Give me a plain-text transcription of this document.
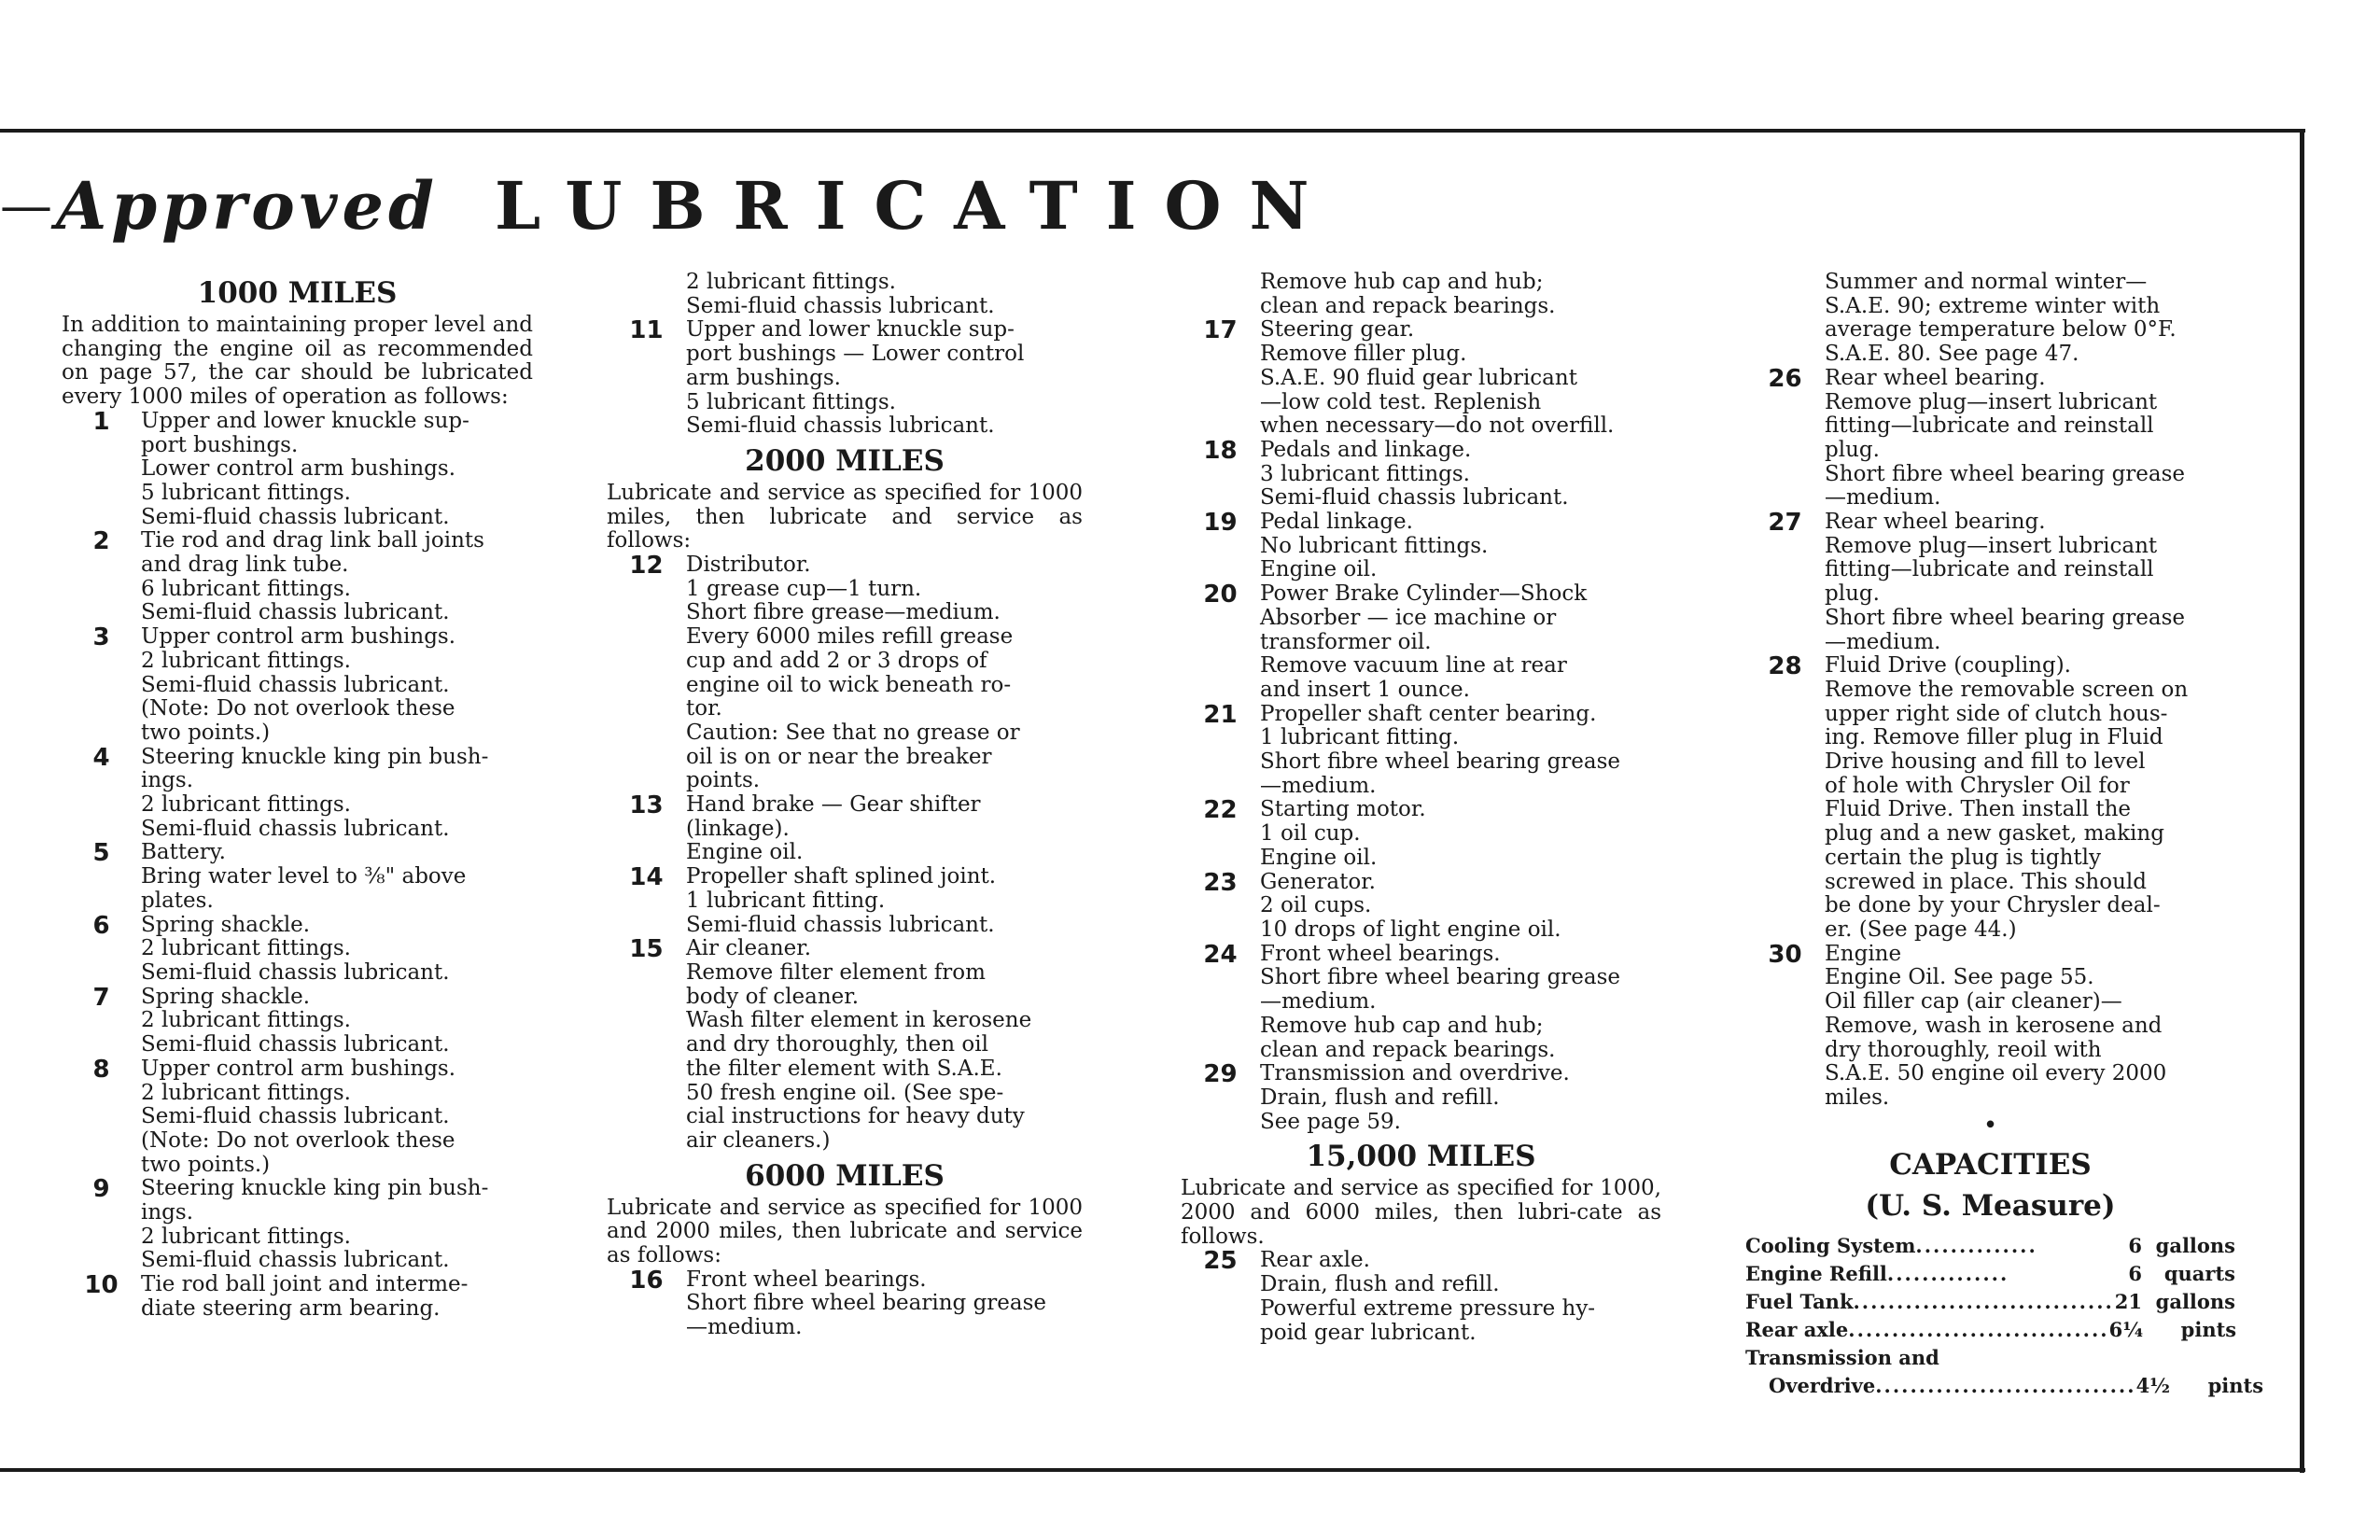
— Approved LUBRICATION
1000 MILES
In addition to maintaining proper level and changing the engine oil as recommended on page 57, the car should be lubricated every 1000 miles of operation as follows:
1	Upper and lower knuckle sup-
port bushings.
Lower control arm bushings.
5 lubricant fittings.
Semi-fluid chassis lubricant.
2	Tie rod and drag link ball joints
and drag link tube.
6 lubricant fittings.
Semi-fluid chassis lubricant.
3	Upper control arm bushings.
2 lubricant fittings.
Semi-fluid chassis lubricant.
(Note: Do not overlook these
two points.)
4	Steering knuckle king pin bush-
ings.
2 lubricant fittings.
Semi-fluid chassis lubricant.
5	Battery.
Bring water level to ⅜" above
plates.
6	Spring shackle.
2 lubricant fittings.
Semi-fluid chassis lubricant.
7	Spring shackle.
2 lubricant fittings.
Semi-fluid chassis lubricant.
8	Upper control arm bushings.
2 lubricant fittings.
Semi-fluid chassis lubricant.
(Note: Do not overlook these
two points.)
9	Steering knuckle king pin bush-
ings.
2 lubricant fittings.
Semi-fluid chassis lubricant.
10	Tie rod ball joint and interme-
diate steering arm bearing.
2 lubricant fittings.
Semi-fluid chassis lubricant.
11	Upper and lower knuckle sup-
port bushings — Lower control
arm bushings.
5 lubricant fittings.
Semi-fluid chassis lubricant.
2000 MILES
Lubricate and service as specified for 1000 miles, then lubricate and service as follows:
12	Distributor.
1 grease cup—1 turn.
Short fibre grease—medium.
Every 6000 miles refill grease
cup and add 2 or 3 drops of
engine oil to wick beneath ro-
tor.
Caution: See that no grease or
oil is on or near the breaker
points.
13	Hand brake — Gear shifter
(linkage).
Engine oil.
14	Propeller shaft splined joint.
1 lubricant fitting.
Semi-fluid chassis lubricant.
15	Air cleaner.
Remove filter element from
body of cleaner.
Wash filter element in kerosene
and dry thoroughly, then oil
the filter element with S.A.E.
50 fresh engine oil. (See spe-
cial instructions for heavy duty
air cleaners.)
6000 MILES
Lubricate and service as specified for 1000 and 2000 miles, then lubricate and service as follows:
16	Front wheel bearings.
Short fibre wheel bearing grease
—medium.
Remove hub cap and hub;
clean and repack bearings.
17	Steering gear.
Remove filler plug.
S.A.E. 90 fluid gear lubricant
—low cold test. Replenish
when necessary—do not overfill.
18	Pedals and linkage.
3 lubricant fittings.
Semi-fluid chassis lubricant.
19	Pedal linkage.
No lubricant fittings.
Engine oil.
20	Power Brake Cylinder—Shock
Absorber — ice machine or
transformer oil.
Remove vacuum line at rear
and insert 1 ounce.
21	Propeller shaft center bearing.
1 lubricant fitting.
Short fibre wheel bearing grease
—medium.
22	Starting motor.
1 oil cup.
Engine oil.
23	Generator.
2 oil cups.
10 drops of light engine oil.
24	Front wheel bearings.
Short fibre wheel bearing grease
—medium.
Remove hub cap and hub;
clean and repack bearings.
29	Transmission and overdrive.
Drain, flush and refill.
See page 59.
15,000 MILES
Lubricate and service as specified for 1000, 2000 and 6000 miles, then lubri-cate as follows.
25	Rear axle.
Drain, flush and refill.
Powerful extreme pressure hy-
poid gear lubricant.
Summer and normal winter—
S.A.E. 90; extreme winter with
average temperature below 0°F.
S.A.E. 80. See page 47.
26	Rear wheel bearing.
Remove plug—insert lubricant
fitting—lubricate and reinstall
plug.
Short fibre wheel bearing grease
—medium.
27	Rear wheel bearing.
Remove plug—insert lubricant
fitting—lubricate and reinstall
plug.
Short fibre wheel bearing grease
—medium.
28	Fluid Drive (coupling).
Remove the removable screen on
upper right side of clutch hous-
ing. Remove filler plug in Fluid
Drive housing and fill to level
of hole with Chrysler Oil for
Fluid Drive. Then install the
plug and a new gasket, making
certain the plug is tightly
screwed in place. This should
be done by your Chrysler deal-
er. (See page 44.)
30	Engine
Engine Oil. See page 55.
Oil filler cap (air cleaner)—
Remove, wash in kerosene and
dry thoroughly, reoil with
S.A.E. 50 engine oil every 2000
miles.
•
CAPACITIES
(U. S. Measure)
Cooling System ..............	6 gallons
Engine Refill ..............	6	quarts
Fuel Tank .............................. 21 gallons
Rear axle .............................. 6¼	pints
Transmission and
Overdrive .............................. 4½	pints
